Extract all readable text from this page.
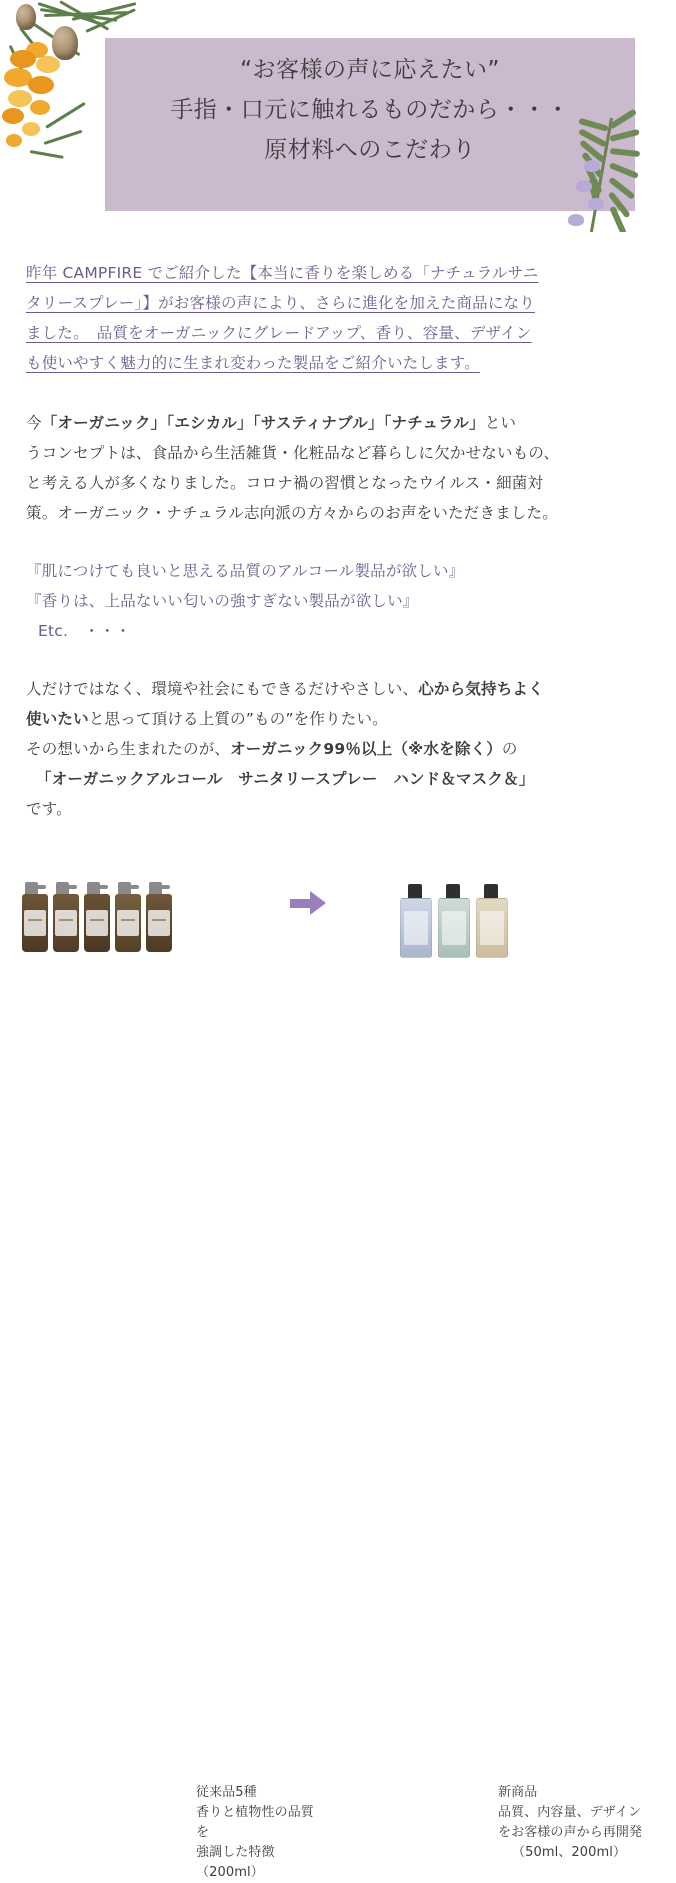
“お客様の声に応えたい”
手指・口元に触れるものだから・・・
原材料へのこだわり
昨年 CAMPFIRE でご紹介した【本当に香りを楽しめる「ナチュラルサニ
タリースプレー」】がお客様の声により、さらに進化を加えた商品になり
ました。　品質をオーガニックにグレードアップ、香り、容量、デザイン
も使いやすく魅力的に生まれ変わった製品をご紹介いたします。
今「オーガニック」「エシカル」「サスティナブル」「ナチュラル」とい
うコンセプトは、食品から生活雑貨・化粧品など暮らしに欠かせないもの、
と考える人が多くなりました。コロナ禍の習慣となったウイルス・細菌対
策。オーガニック・ナチュラル志向派の方々からのお声をいただきました。
『肌につけても良いと思える品質のアルコール製品が欲しい』
『香りは、上品ないい匂いの強すぎない製品が欲しい』
Etc.　・・・
人だけではなく、環境や社会にもできるだけやさしい、心から気持ちよく
使いたいと思って頂ける上質の”もの”を作りたい。
その想いから生まれたのが、オーガニック99％以上（※水を除く）の
「オーガニックアルコール　サニタリースプレー　ハンド＆マスク＆」
です。
従来品5種
香りと植物性の品質を
強調した特徴（200ml）
新商品
品質、内容量、デザイン
をお客様の声から再開発
（50ml、200ml）
